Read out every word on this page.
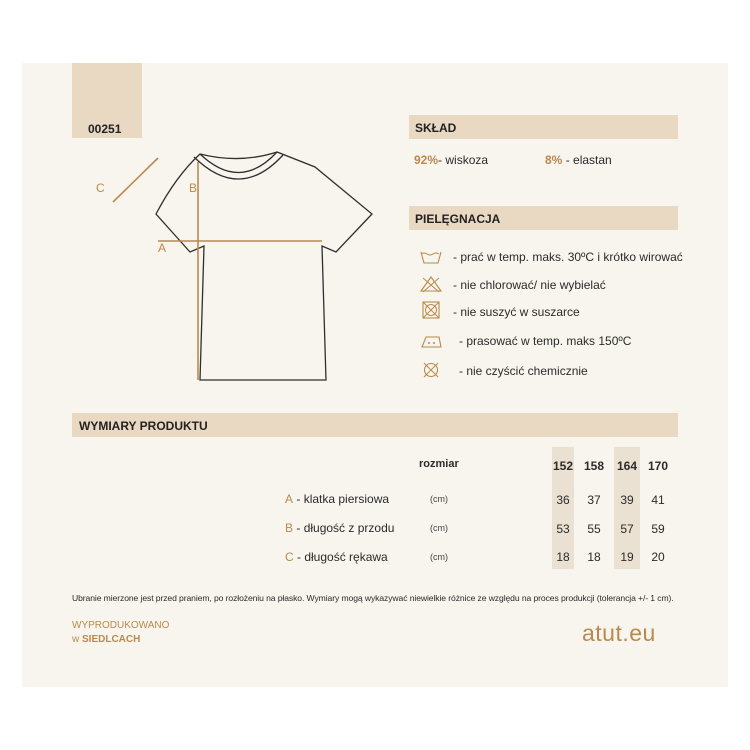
00251
A
B
C
SKŁAD
92%- wiskoza	8% - elastan
PIELĘGNACJA
- prać w temp. maks. 30ºC i krótko wirować
- nie chlorować/ nie wybielać
- nie suszyć w suszarce
- prasować w temp. maks 150ºC
- nie czyścić chemicznie
WYMIARY PRODUKTU
rozmiar	152 158 164 170
A - klatka piersiowa	(cm)	36	37	39	41
B - długość z przodu	(cm)	53	55	57	59
C - długość rękawa	(cm)	18	18	19	20
Ubranie mierzone jest przed praniem, po rozłożeniu na płasko. Wymiary mogą wykazywać niewielkie różnice ze względu na proces produkcji (tolerancja +/- 1 cm).
WYPRODUKOWANO
w SIEDLCACH	atut.eu
